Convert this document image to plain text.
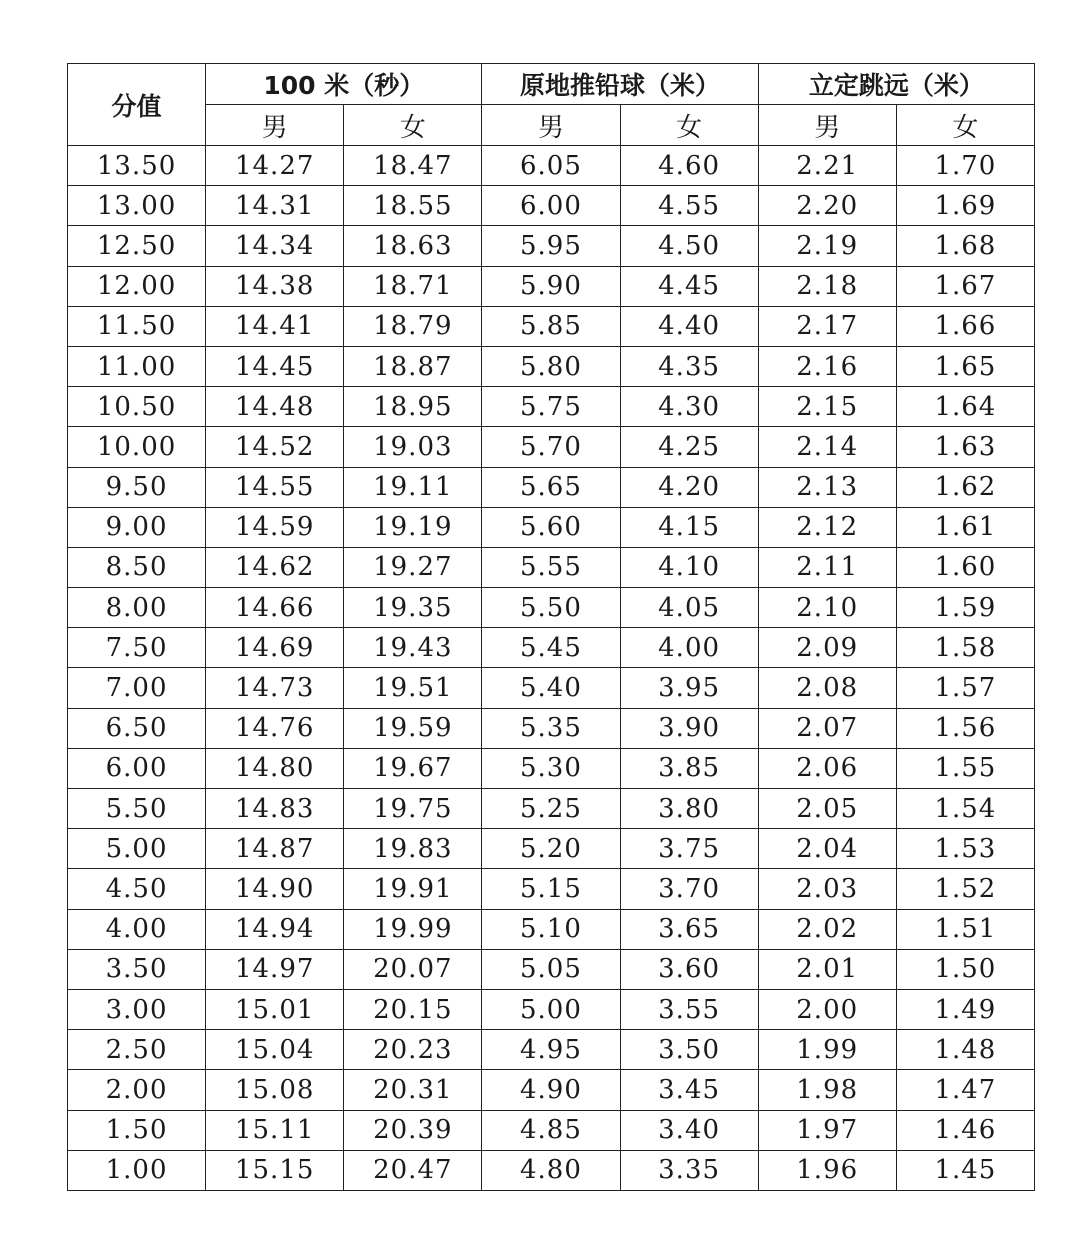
分值	100 米（秒）		原地推铅球（米）		立定跳远（米）	
	男	女	男	女	男	女
13.50	14.27	18.47	6.05	4.60	2.21	1.70
13.00	14.31	18.55	6.00	4.55	2.20	1.69
12.50	14.34	18.63	5.95	4.50	2.19	1.68
12.00	14.38	18.71	5.90	4.45	2.18	1.67
11.50	14.41	18.79	5.85	4.40	2.17	1.66
11.00	14.45	18.87	5.80	4.35	2.16	1.65
10.50	14.48	18.95	5.75	4.30	2.15	1.64
10.00	14.52	19.03	5.70	4.25	2.14	1.63
9.50	14.55	19.11	5.65	4.20	2.13	1.62
9.00	14.59	19.19	5.60	4.15	2.12	1.61
8.50	14.62	19.27	5.55	4.10	2.11	1.60
8.00	14.66	19.35	5.50	4.05	2.10	1.59
7.50	14.69	19.43	5.45	4.00	2.09	1.58
7.00	14.73	19.51	5.40	3.95	2.08	1.57
6.50	14.76	19.59	5.35	3.90	2.07	1.56
6.00	14.80	19.67	5.30	3.85	2.06	1.55
5.50	14.83	19.75	5.25	3.80	2.05	1.54
5.00	14.87	19.83	5.20	3.75	2.04	1.53
4.50	14.90	19.91	5.15	3.70	2.03	1.52
4.00	14.94	19.99	5.10	3.65	2.02	1.51
3.50	14.97	20.07	5.05	3.60	2.01	1.50
3.00	15.01	20.15	5.00	3.55	2.00	1.49
2.50	15.04	20.23	4.95	3.50	1.99	1.48
2.00	15.08	20.31	4.90	3.45	1.98	1.47
1.50	15.11	20.39	4.85	3.40	1.97	1.46
1.00	15.15	20.47	4.80	3.35	1.96	1.45
